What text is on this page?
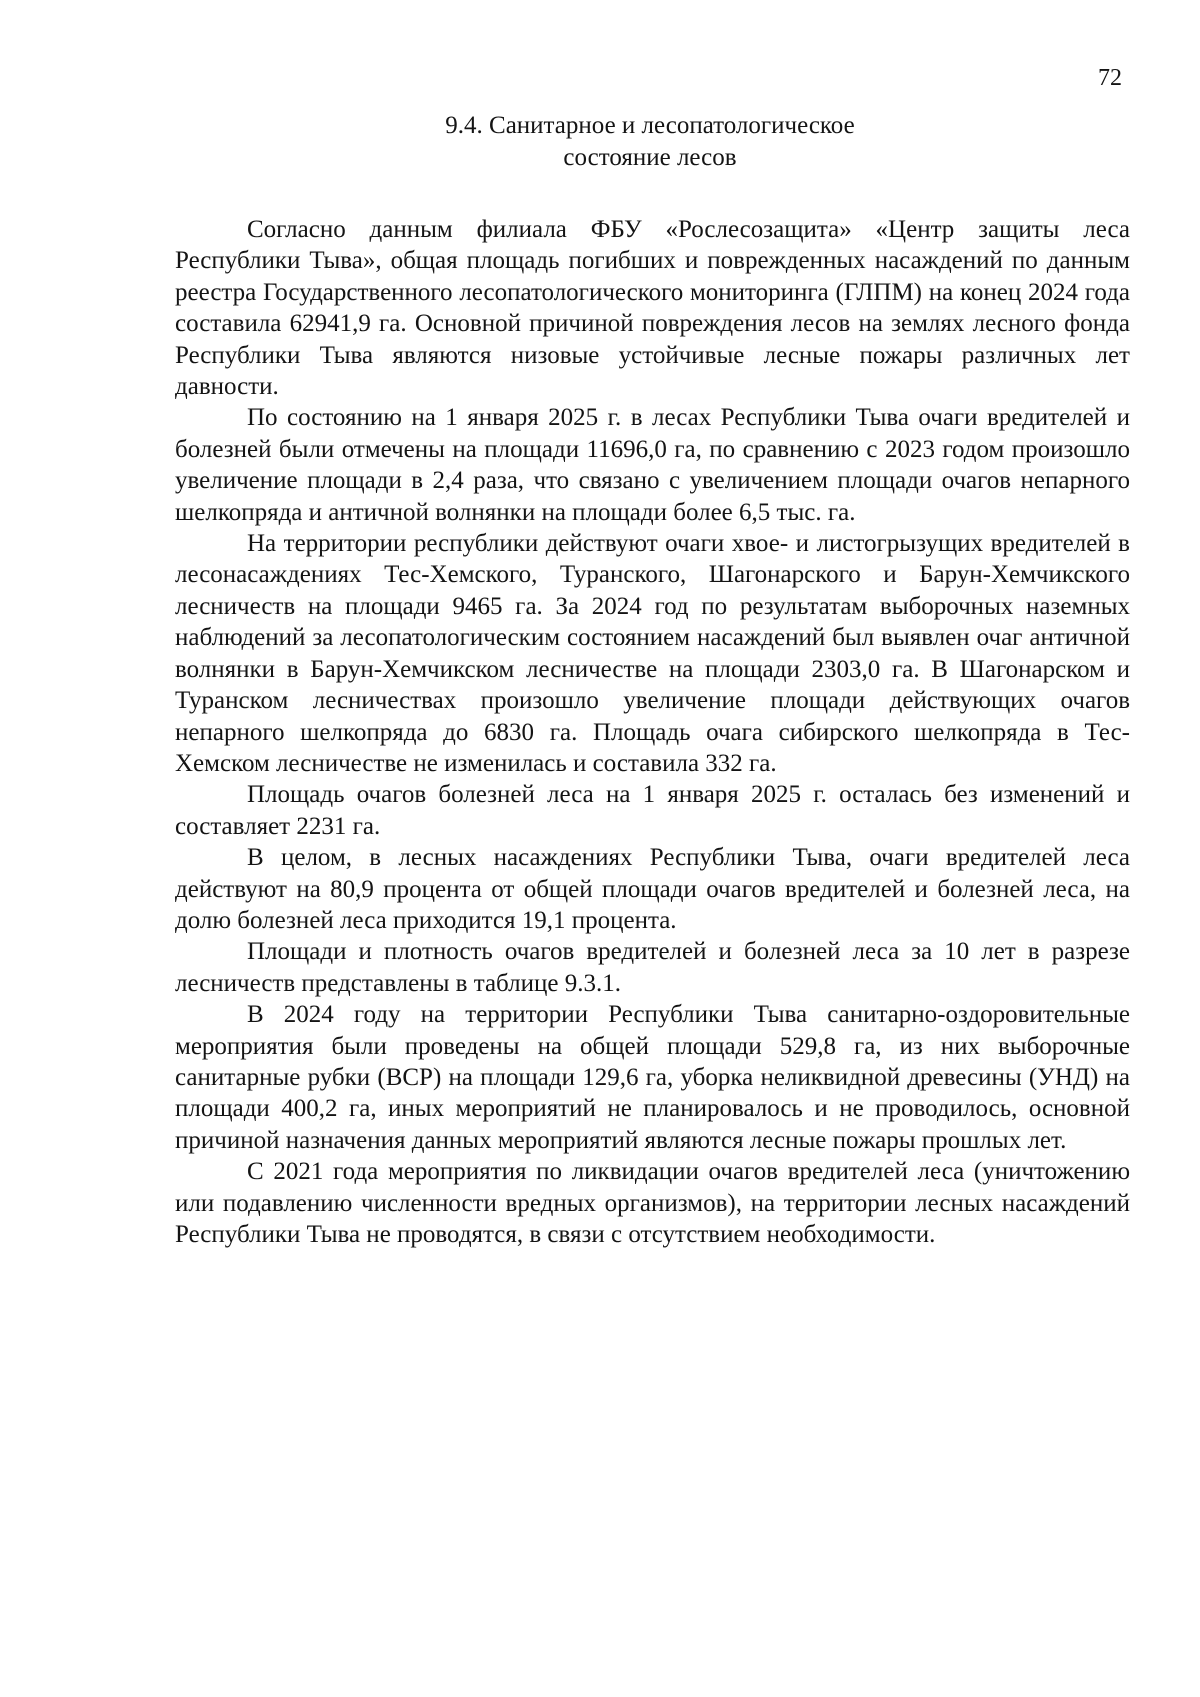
72
9.4. Санитарное и лесопатологическое
состояние лесов

Согласно данным филиала ФБУ «Рослесозащита» «Центр защиты леса Республики Тыва», общая площадь погибших и поврежденных насаждений по данным реестра Государственного лесопатологического мониторинга (ГЛПМ) на конец 2024 года составила 62941,9 га. Основной причиной повреждения лесов на землях лесного фонда Республики Тыва являются низовые устойчивые лесные пожары различных лет давности.

По состоянию на 1 января 2025 г. в лесах Республики Тыва очаги вредителей и болезней были отмечены на площади 11696,0 га, по сравнению с 2023 годом произошло увеличение площади в 2,4 раза, что связано с увеличением площади очагов непарного шелкопряда и античной волнянки на площади более 6,5 тыс. га.

На территории республики действуют очаги хвое- и листогрызущих вредителей в лесонасаждениях Тес-Хемского, Туранского, Шагонарского и Барун-Хемчикского лесничеств на площади 9465 га. За 2024 год по результатам выборочных наземных наблюдений за лесопатологическим состоянием насаждений был выявлен очаг античной волнянки в Барун-Хемчикском лесничестве на площади 2303,0 га. В Шагонарском и Туранском лесничествах произошло увеличение площади действующих очагов непарного шелкопряда до 6830 га. Площадь очага сибирского шелкопряда в Тес-Хемском лесничестве не изменилась и составила 332 га.

Площадь очагов болезней леса на 1 января 2025 г. осталась без изменений и составляет 2231 га.

В целом, в лесных насаждениях Республики Тыва, очаги вредителей леса действуют на 80,9 процента от общей площади очагов вредителей и болезней леса, на долю болезней леса приходится 19,1 процента.

Площади и плотность очагов вредителей и болезней леса за 10 лет в разрезе лесничеств представлены в таблице 9.3.1.

В 2024 году на территории Республики Тыва санитарно-оздоровительные мероприятия были проведены на общей площади 529,8 га, из них выборочные санитарные рубки (ВСР) на площади 129,6 га, уборка неликвидной древесины (УНД) на площади 400,2 га, иных мероприятий не планировалось и не проводилось, основной причиной назначения данных мероприятий являются лесные пожары прошлых лет.

С 2021 года мероприятия по ликвидации очагов вредителей леса (уничтожению или подавлению численности вредных организмов), на территории лесных насаждений Республики Тыва не проводятся, в связи с отсутствием необходимости.
